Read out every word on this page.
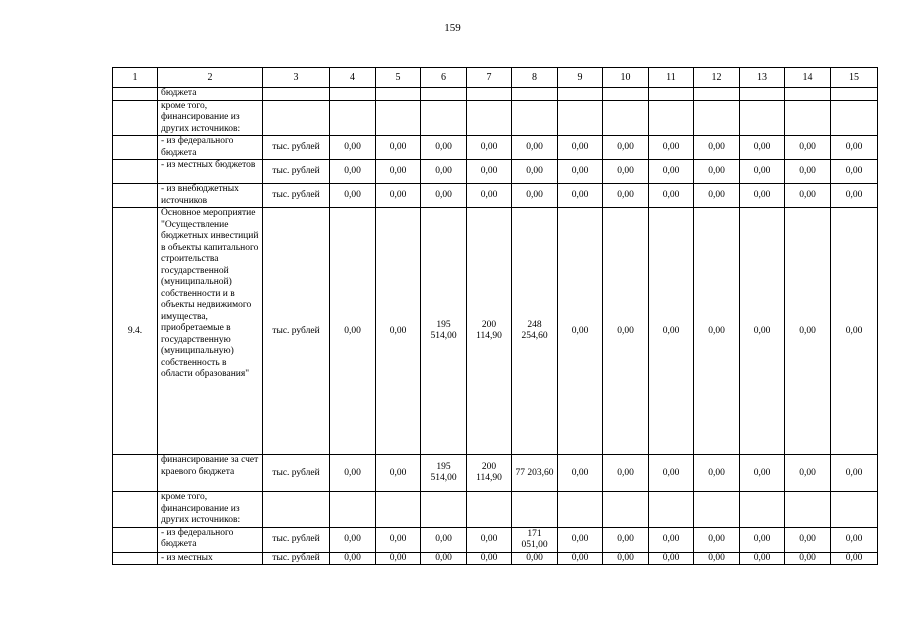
159
1	2	3	4	5	6	7	8	9	10	11	12	13	14	15
	бюджета													
	кроме того, финансирование из других источников:													
	- из федерального бюджета	тыс. рублей	0,00	0,00	0,00	0,00	0,00	0,00	0,00	0,00	0,00	0,00	0,00	0,00
	- из местных бюджетов	тыс. рублей	0,00	0,00	0,00	0,00	0,00	0,00	0,00	0,00	0,00	0,00	0,00	0,00
	- из внебюджетных источников	тыс. рублей	0,00	0,00	0,00	0,00	0,00	0,00	0,00	0,00	0,00	0,00	0,00	0,00
9.4.	Основное мероприятие "Осуществление бюджетных инвестиций в объекты капитального строительства государственной (муниципальной) собственности и в объекты недвижимого имущества, приобретаемые в государственную (муниципальную) собственность в области образования"	тыс. рублей	0,00	0,00	195 514,00	200 114,90	248 254,60	0,00	0,00	0,00	0,00	0,00	0,00	0,00
	финансирование за счет краевого бюджета	тыс. рублей	0,00	0,00	195 514,00	200 114,90	77 203,60	0,00	0,00	0,00	0,00	0,00	0,00	0,00
	кроме того, финансирование из других источников:													
	- из федерального бюджета	тыс. рублей	0,00	0,00	0,00	0,00	171 051,00	0,00	0,00	0,00	0,00	0,00	0,00	0,00
	- из местных	тыс. рублей	0,00	0,00	0,00	0,00	0,00	0,00	0,00	0,00	0,00	0,00	0,00	0,00
